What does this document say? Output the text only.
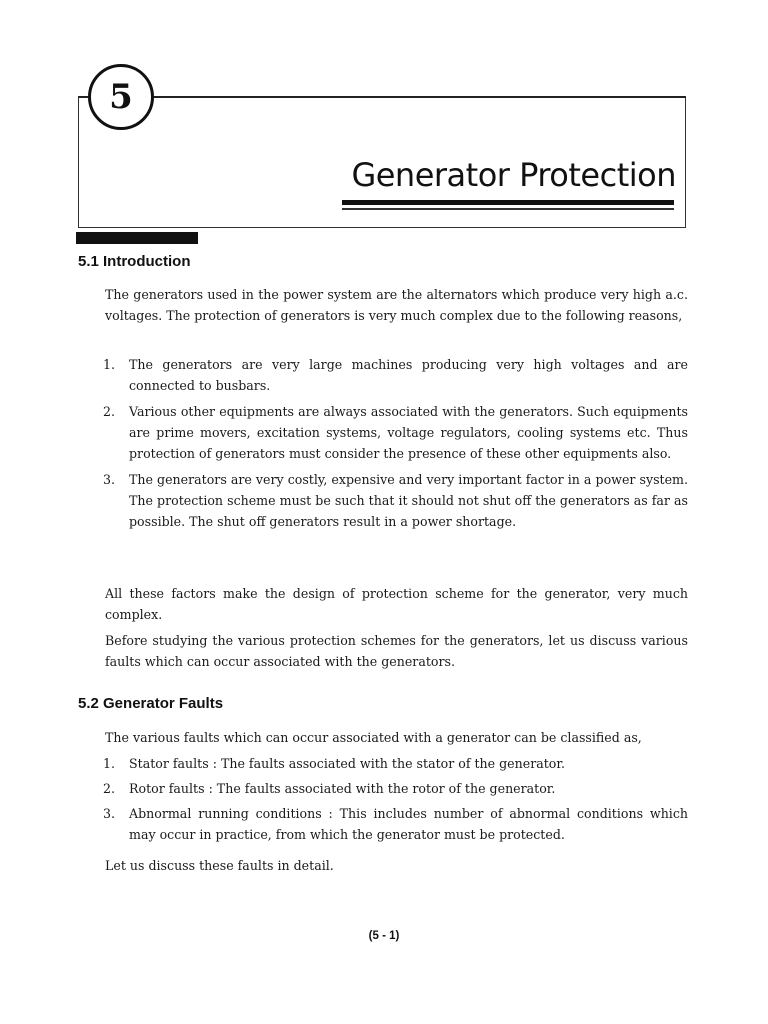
5
Generator Protection
5.1 Introduction
The generators used in the power system are the alternators which produce very high a.c. voltages. The protection of generators is very much complex due to the following reasons,
1. The generators are very large machines producing very high voltages and are connected to busbars.
2. Various other equipments are always associated with the generators. Such equipments are prime movers, excitation systems, voltage regulators, cooling systems etc. Thus protection of generators must consider the presence of these other equipments also.
3. The generators are very costly, expensive and very important factor in a power system. The protection scheme must be such that it should not shut off the generators as far as possible. The shut off generators result in a power shortage.
All these factors make the design of protection scheme for the generator, very much complex.
Before studying the various protection schemes for the generators, let us discuss various faults which can occur associated with the generators.
5.2 Generator Faults
The various faults which can occur associated with a generator can be classified as,
1. Stator faults : The faults associated with the stator of the generator.
2. Rotor faults : The faults associated with the rotor of the generator.
3. Abnormal running conditions : This includes number of abnormal conditions which may occur in practice, from which the generator must be protected.
Let us discuss these faults in detail.
(5 - 1)
